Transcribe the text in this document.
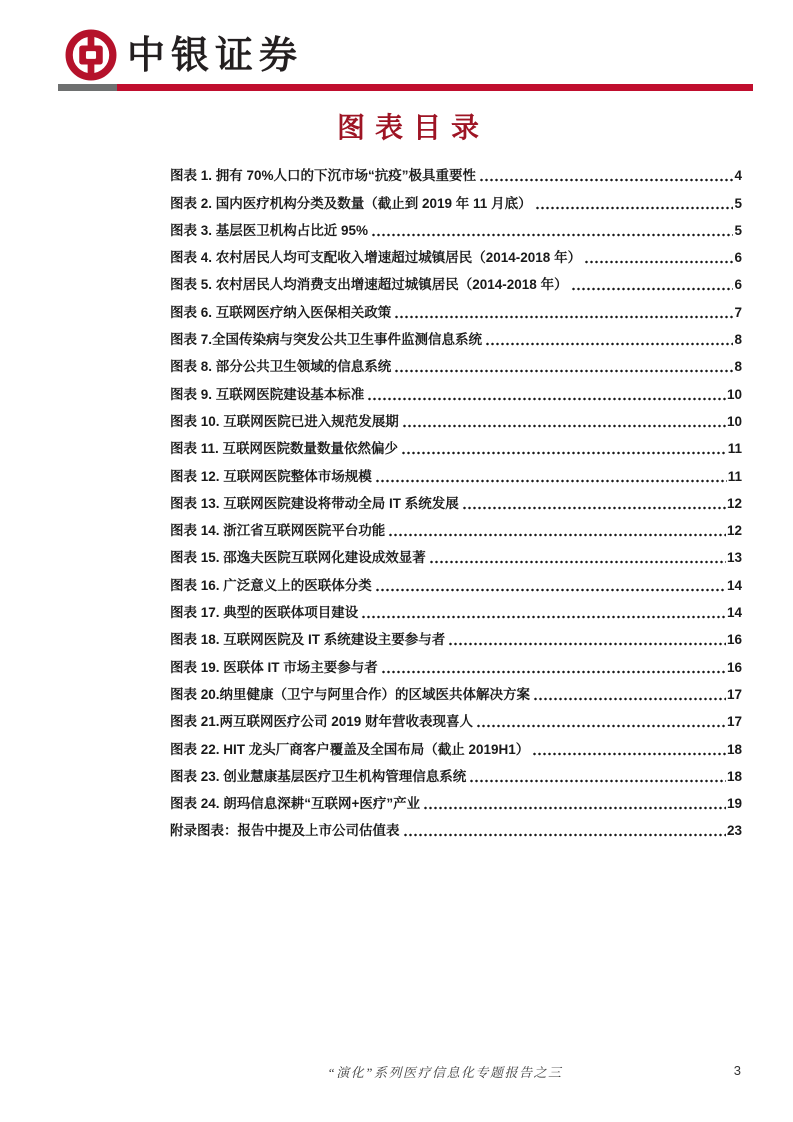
中银证券
图表目录
图表 1. 拥有 70%人口的下沉市场“抗疫”极具重要性	4
图表 2. 国内医疗机构分类及数量（截止到 2019 年 11 月底）	5
图表 3. 基层医卫机构占比近 95%	5
图表 4. 农村居民人均可支配收入增速超过城镇居民（2014-2018 年）	6
图表 5. 农村居民人均消费支出增速超过城镇居民（2014-2018 年）	6
图表 6. 互联网医疗纳入医保相关政策	7
图表 7.全国传染病与突发公共卫生事件监测信息系统	8
图表 8. 部分公共卫生领域的信息系统	8
图表 9. 互联网医院建设基本标准	10
图表 10. 互联网医院已进入规范发展期	10
图表 11. 互联网医院数量数量依然偏少	11
图表 12. 互联网医院整体市场规模	11
图表 13. 互联网医院建设将带动全局 IT 系统发展	12
图表 14. 浙江省互联网医院平台功能	12
图表 15. 邵逸夫医院互联网化建设成效显著	13
图表 16. 广泛意义上的医联体分类	14
图表 17. 典型的医联体项目建设	14
图表 18. 互联网医院及 IT 系统建设主要参与者	16
图表 19. 医联体 IT 市场主要参与者	16
图表 20.纳里健康（卫宁与阿里合作）的区域医共体解决方案	17
图表 21.两互联网医疗公司 2019 财年营收表现喜人	17
图表 22. HIT 龙头厂商客户覆盖及全国布局（截止 2019H1）	18
图表 23. 创业慧康基层医疗卫生机构管理信息系统	18
图表 24. 朗玛信息深耕“互联网+医疗”产业	19
附录图表：报告中提及上市公司估值表	23
“演化”系列医疗信息化专题报告之三	3
